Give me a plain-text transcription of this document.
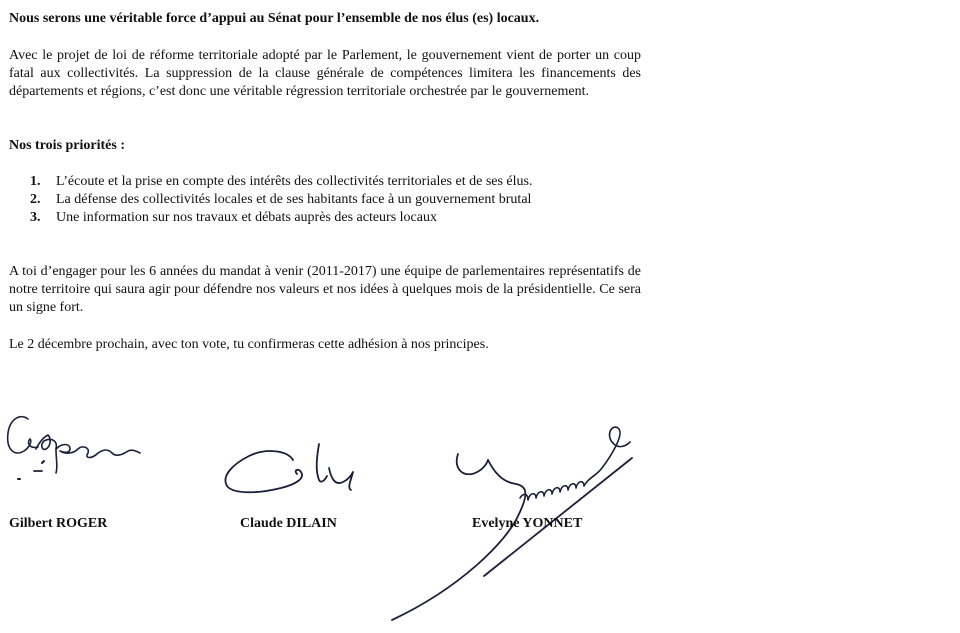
Nous serons une véritable force d’appui au Sénat pour l’ensemble de nos élus (es) locaux.

Avec le projet de loi de réforme territoriale adopté par le Parlement, le gouvernement vient de porter un coup fatal aux collectivités. La suppression de la clause générale de compétences limitera les financements des départements et régions, c’est donc une véritable régression territoriale orchestrée par le gouvernement.

Nos trois priorités :

1.	L’écoute et la prise en compte des intérêts des collectivités territoriales et de ses élus.
2.	La défense des collectivités locales et de ses habitants face à un gouvernement brutal
3.	Une information sur nos travaux et débats auprès des acteurs locaux

A toi d’engager pour les 6 années du mandat à venir (2011-2017) une équipe de parlementaires représentatifs de notre territoire qui saura agir pour défendre nos valeurs et nos idées à quelques mois de la présidentielle. Ce sera un signe fort.

Le 2 décembre prochain, avec ton vote, tu confirmeras cette adhésion à nos principes.

Gilbert ROGER	Claude DILAIN	Evelyne YONNET
